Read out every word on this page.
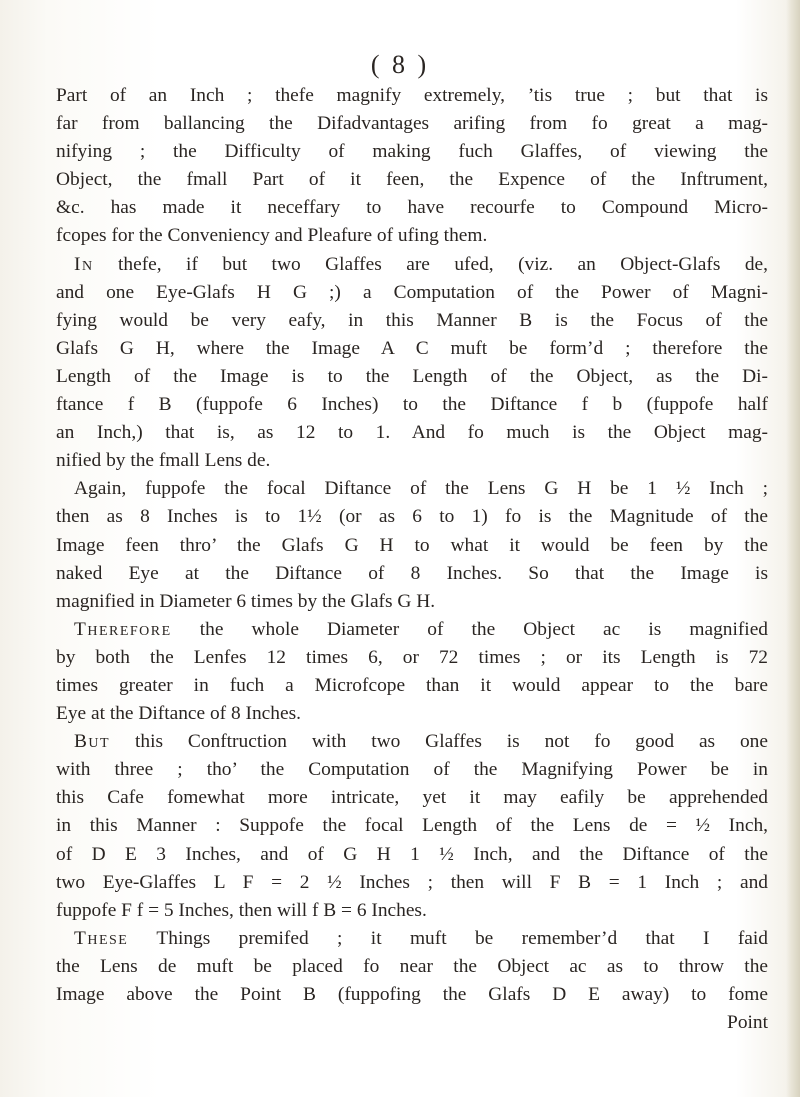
( 8 )
Part of an Inch ; thefe magnify extremely, ’tis true ; but that is
far from ballancing the Difadvantages arifing from fo great a mag-
nifying ; the Difficulty of making fuch Glaffes, of viewing the
Object, the fmall Part of it feen, the Expence of the Inftrument,
&c. has made it neceffary to have recourfe to Compound Micro-
fcopes for the Conveniency and Pleafure of ufing them.
In thefe, if but two Glaffes are ufed, (viz. an Object-Glafs de,
and one Eye-Glafs H G ;) a Computation of the Power of Magni-
fying would be very eafy, in this Manner B is the Focus of the
Glafs G H, where the Image A C muft be form’d ; therefore the
Length of the Image is to the Length of the Object, as the Di-
ftance f B (fuppofe 6 Inches) to the Diftance f b (fuppofe half
an Inch,) that is, as 12 to 1. And fo much is the Object mag-
nified by the fmall Lens de.
Again, fuppofe the focal Diftance of the Lens G H be 1 ½ Inch ;
then as 8 Inches is to 1½ (or as 6 to 1) fo is the Magnitude of the
Image feen thro’ the Glafs G H to what it would be feen by the
naked Eye at the Diftance of 8 Inches. So that the Image is
magnified in Diameter 6 times by the Glafs G H.
Therefore the whole Diameter of the Object ac is magnified
by both the Lenfes 12 times 6, or 72 times ; or its Length is 72
times greater in fuch a Microfcope than it would appear to the bare
Eye at the Diftance of 8 Inches.
But this Conftruction with two Glaffes is not fo good as one
with three ; tho’ the Computation of the Magnifying Power be in
this Cafe fomewhat more intricate, yet it may eafily be apprehended
in this Manner : Suppofe the focal Length of the Lens de = ½ Inch,
of D E 3 Inches, and of G H 1 ½ Inch, and the Diftance of the
two Eye-Glaffes L F = 2 ½ Inches ; then will F B = 1 Inch ; and
fuppofe F f = 5 Inches, then will f B = 6 Inches.
These Things premifed ; it muft be remember’d that I faid
the Lens de muft be placed fo near the Object ac as to throw the
Image above the Point B (fuppofing the Glafs D E away) to fome
Point
